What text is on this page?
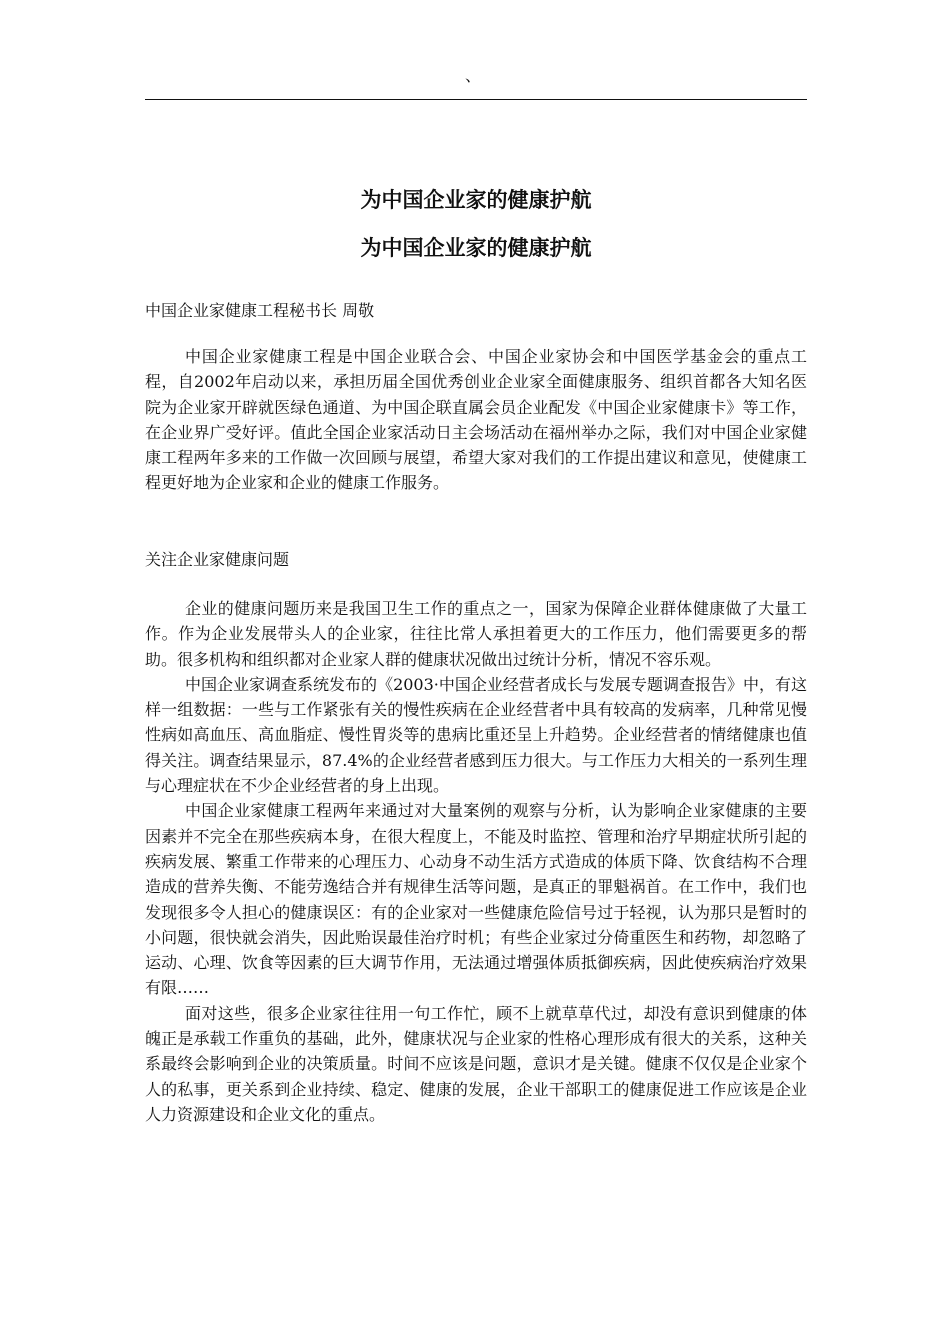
、
为中国企业家的健康护航
为中国企业家的健康护航
中国企业家健康工程秘书长 周敬

中国企业家健康工程是中国企业联合会、中国企业家协会和中国医学基金会的重点工程，自2002年启动以来，承担历届全国优秀创业企业家全面健康服务、组织首都各大知名医院为企业家开辟就医绿色通道、为中国企联直属会员企业配发《中国企业家健康卡》等工作，在企业界广受好评。值此全国企业家活动日主会场活动在福州举办之际，我们对中国企业家健康工程两年多来的工作做一次回顾与展望，希望大家对我们的工作提出建议和意见，使健康工程更好地为企业家和企业的健康工作服务。

关注企业家健康问题

企业的健康问题历来是我国卫生工作的重点之一，国家为保障企业群体健康做了大量工作。作为企业发展带头人的企业家，往往比常人承担着更大的工作压力，他们需要更多的帮助。很多机构和组织都对企业家人群的健康状况做出过统计分析，情况不容乐观。

中国企业家调查系统发布的《2003·中国企业经营者成长与发展专题调查报告》中，有这样一组数据：一些与工作紧张有关的慢性疾病在企业经营者中具有较高的发病率，几种常见慢性病如高血压、高血脂症、慢性胃炎等的患病比重还呈上升趋势。企业经营者的情绪健康也值得关注。调查结果显示，87.4%的企业经营者感到压力很大。与工作压力大相关的一系列生理与心理症状在不少企业经营者的身上出现。

中国企业家健康工程两年来通过对大量案例的观察与分析，认为影响企业家健康的主要因素并不完全在那些疾病本身，在很大程度上，不能及时监控、管理和治疗早期症状所引起的疾病发展、繁重工作带来的心理压力、心动身不动生活方式造成的体质下降、饮食结构不合理造成的营养失衡、不能劳逸结合并有规律生活等问题，是真正的罪魁祸首。在工作中，我们也发现很多令人担心的健康误区：有的企业家对一些健康危险信号过于轻视，认为那只是暂时的小问题，很快就会消失，因此贻误最佳治疗时机；有些企业家过分倚重医生和药物，却忽略了运动、心理、饮食等因素的巨大调节作用，无法通过增强体质抵御疾病，因此使疾病治疗效果有限……

面对这些，很多企业家往往用一句工作忙，顾不上就草草代过，却没有意识到健康的体魄正是承载工作重负的基础，此外，健康状况与企业家的性格心理形成有很大的关系，这种关系最终会影响到企业的决策质量。时间不应该是问题，意识才是关键。健康不仅仅是企业家个人的私事，更关系到企业持续、稳定、健康的发展，企业干部职工的健康促进工作应该是企业人力资源建设和企业文化的重点。
